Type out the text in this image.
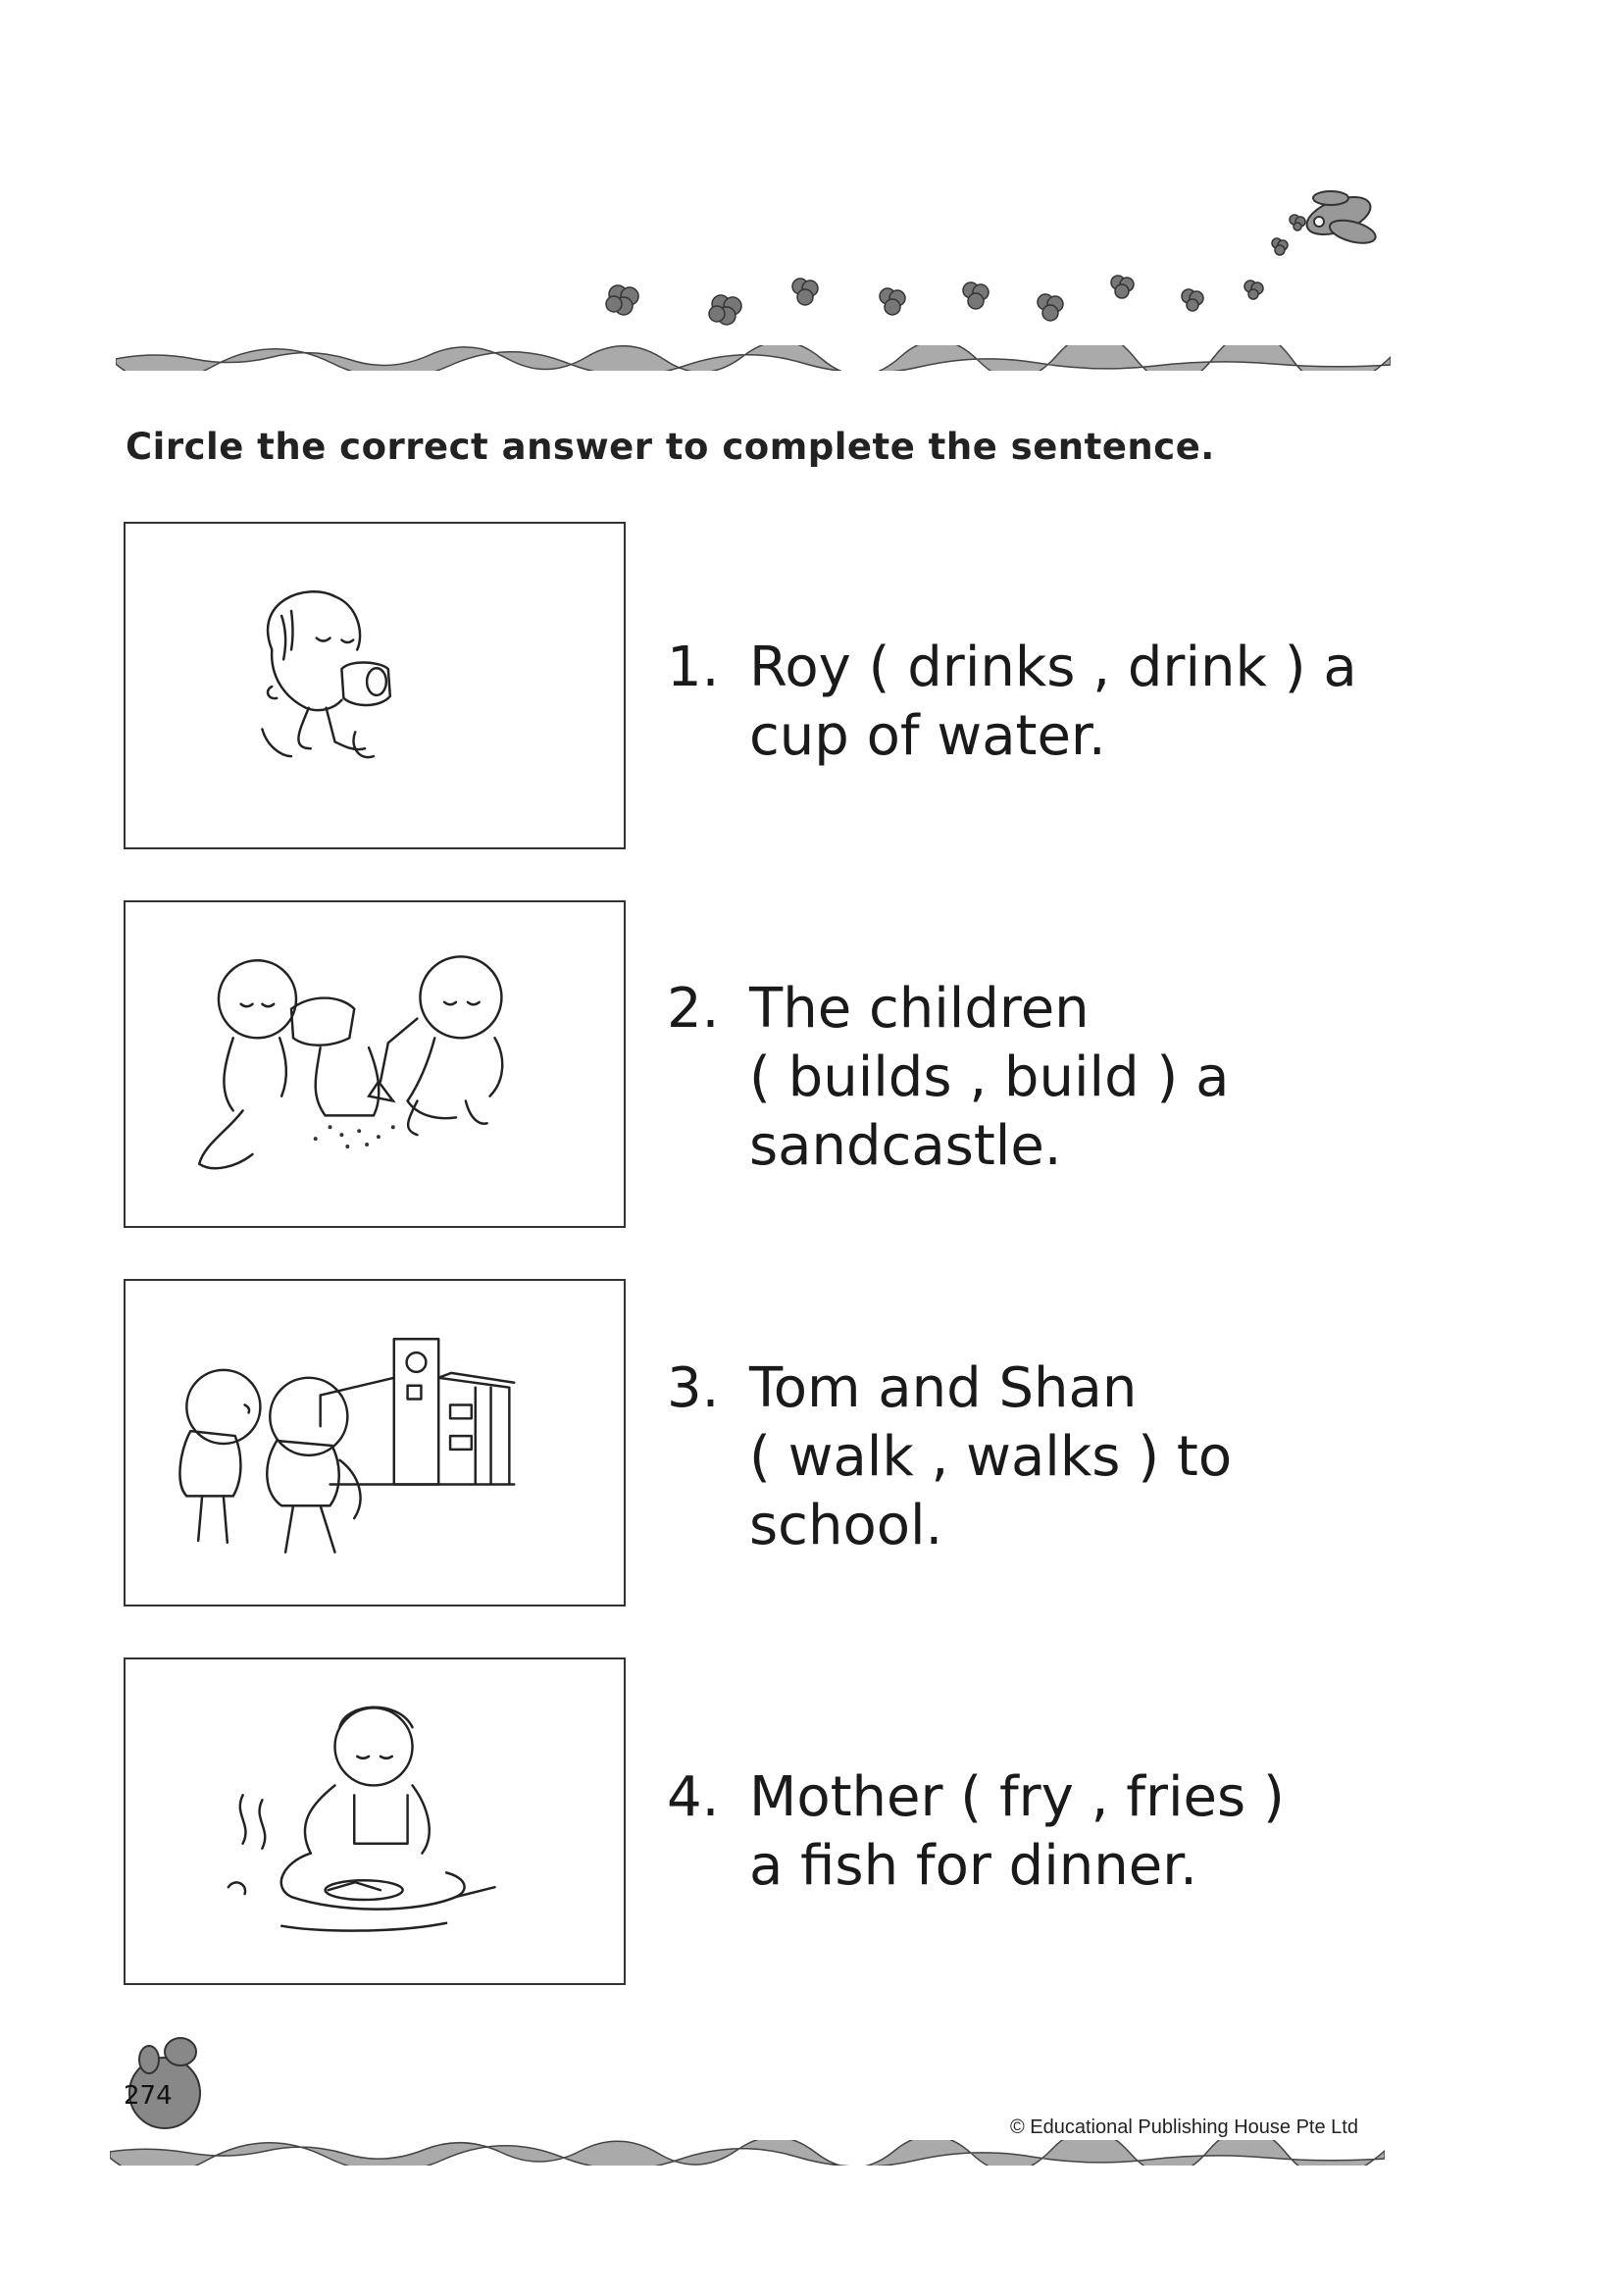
Circle the correct answer to complete the sentence.
1. Roy ( drinks , drink ) a
cup of water.
2. The children
( builds , build ) a
sandcastle.
3. Tom and Shan
( walk , walks ) to
school.
4. Mother ( fry , fries )
a fish for dinner.
274
© Educational Publishing House Pte Ltd
